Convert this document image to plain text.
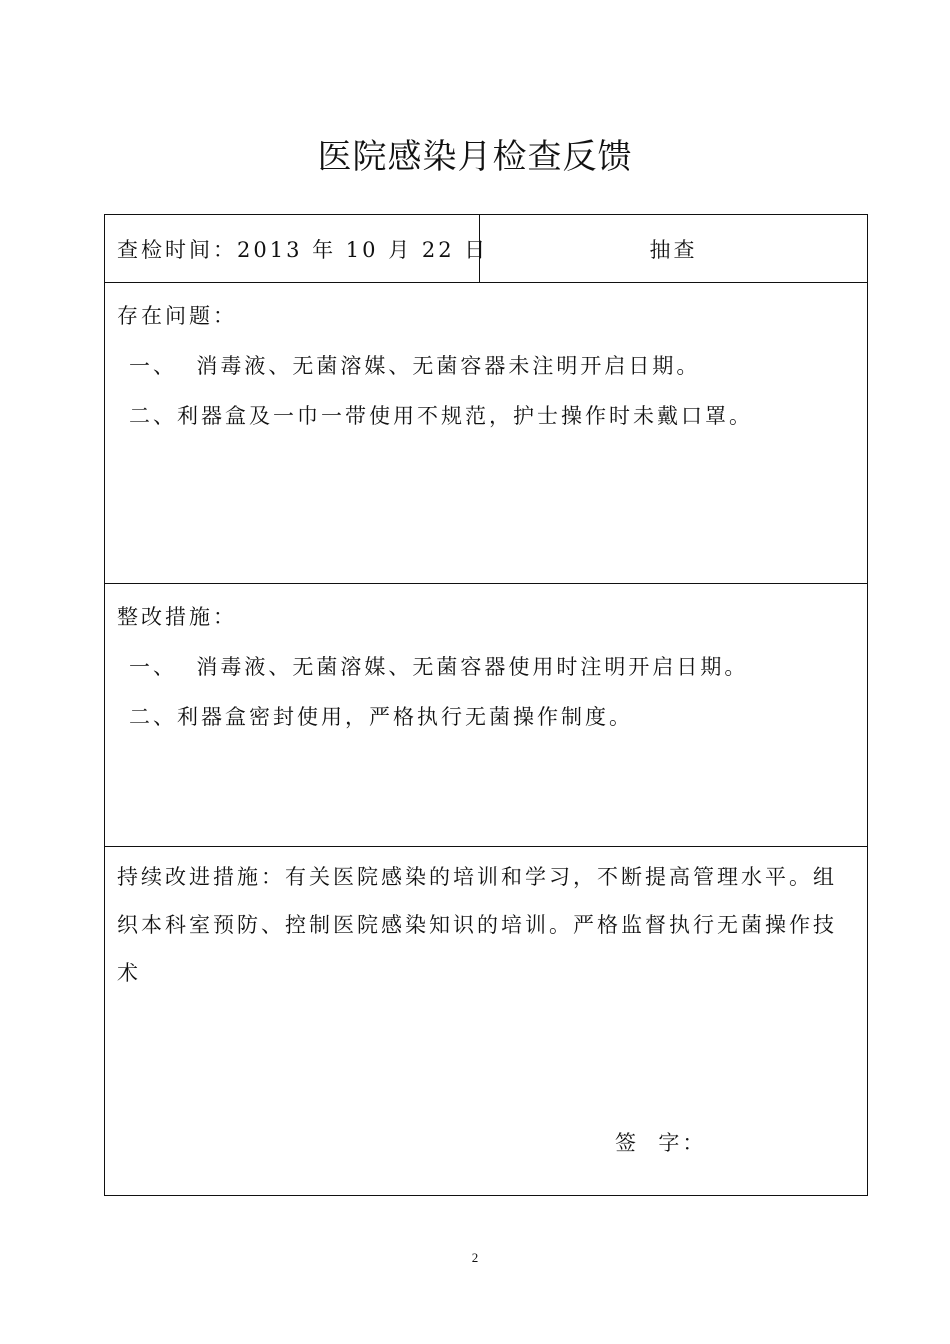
医院感染月检查反馈
查检时间：2013 年 10 月 22 日	抽查

存在问题：
一、  消毒液、无菌溶媒、无菌容器未注明开启日期。
二、利器盒及一巾一带使用不规范，护士操作时未戴口罩。

整改措施：
一、  消毒液、无菌溶媒、无菌容器使用时注明开启日期。
二、利器盒密封使用，严格执行无菌操作制度。

持续改进措施：有关医院感染的培训和学习，不断提高管理水平。组织本科室预防、控制医院感染知识的培训。严格监督执行无菌操作技术
签  字：
2
